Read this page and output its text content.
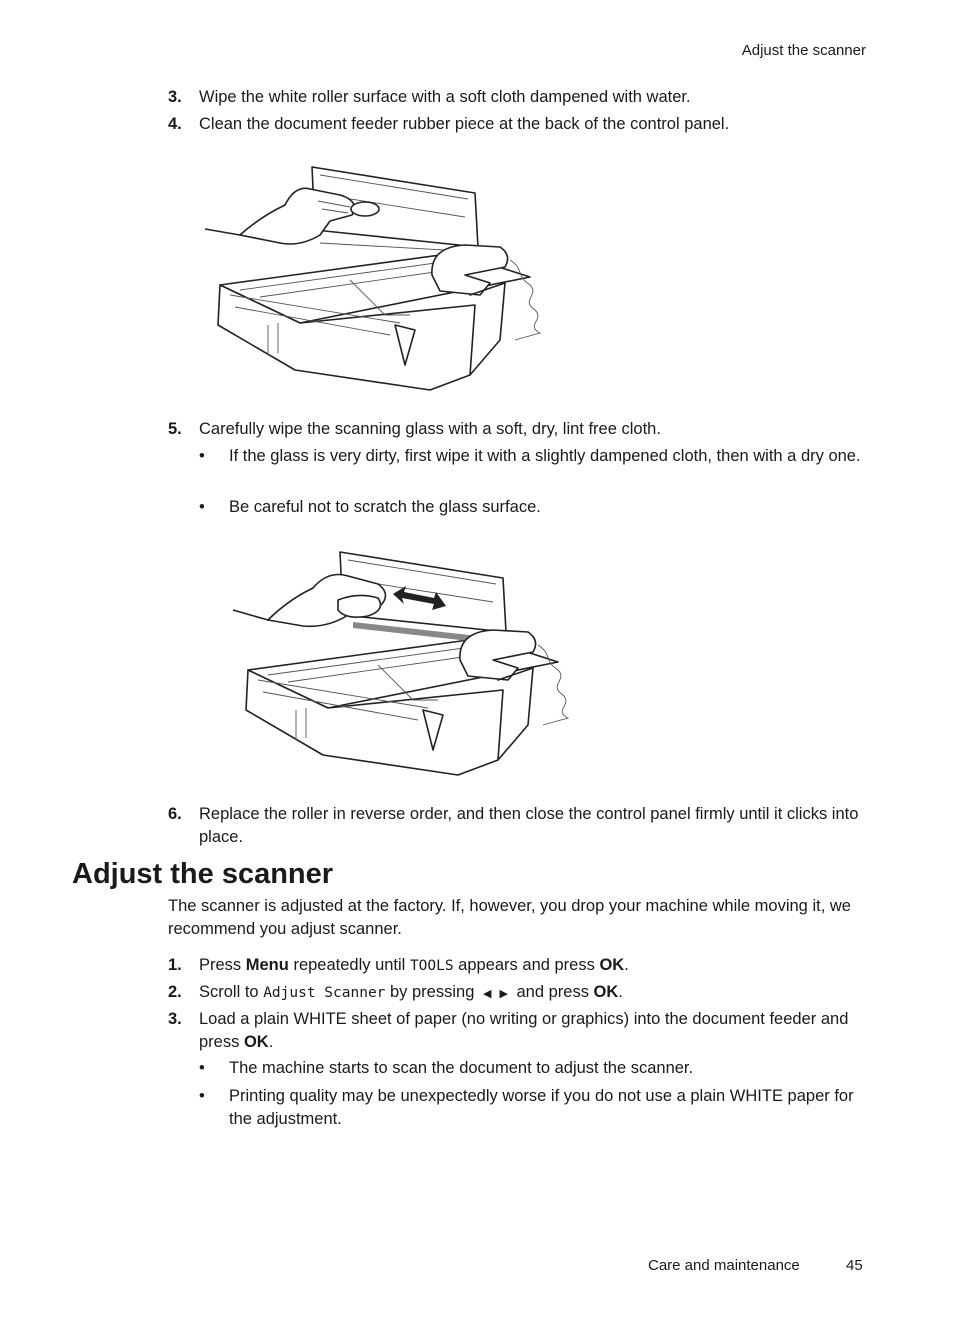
Adjust the scanner
3. Wipe the white roller surface with a soft cloth dampened with water.
4. Clean the document feeder rubber piece at the back of the control panel.
5. Carefully wipe the scanning glass with a soft, dry, lint free cloth.
• If the glass is very dirty, first wipe it with a slightly dampened cloth, then with a dry one.
• Be careful not to scratch the glass surface.
6. Replace the roller in reverse order, and then close the control panel firmly until it clicks into place.
Adjust the scanner
The scanner is adjusted at the factory. If, however, you drop your machine while moving it, we recommend you adjust scanner.
1. Press Menu repeatedly until TOOLS appears and press OK.
2. Scroll to Adjust Scanner by pressing ◀ ▶ and press OK.
3. Load a plain WHITE sheet of paper (no writing or graphics) into the document feeder and press OK.
• The machine starts to scan the document to adjust the scanner.
• Printing quality may be unexpectedly worse if you do not use a plain WHITE paper for the adjustment.
Care and maintenance	45
